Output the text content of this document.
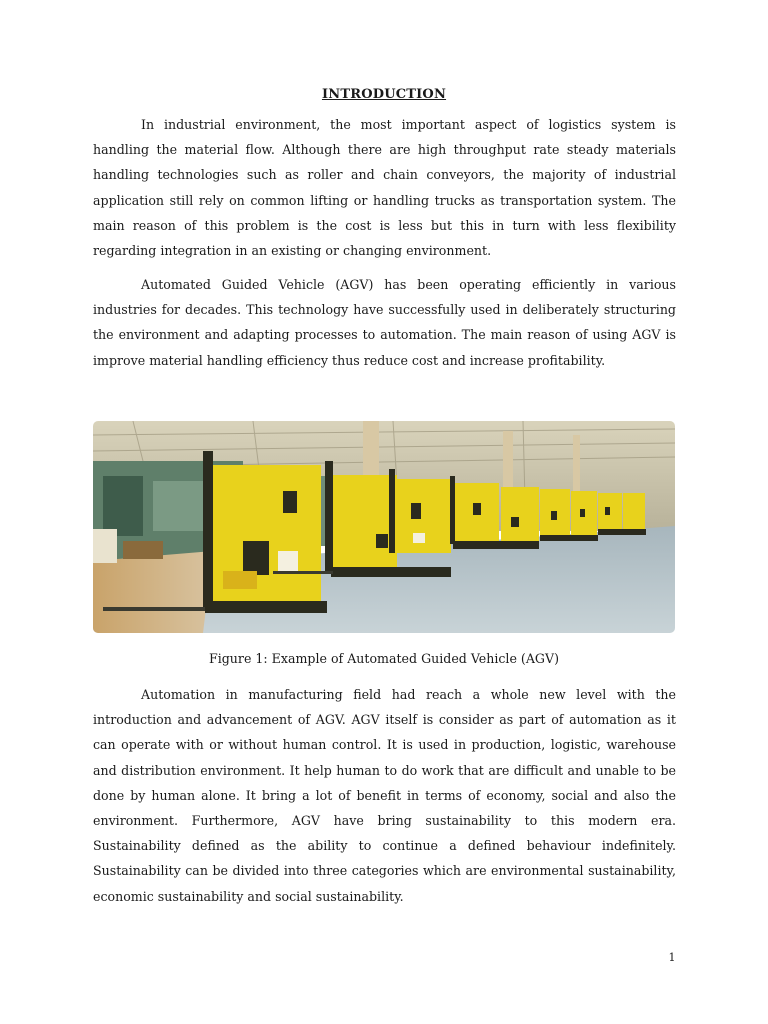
INTRODUCTION

In industrial environment, the most important aspect of logistics system is handling the material flow. Although there are high throughput rate steady materials handling technologies such as roller and chain conveyors, the majority of industrial application still rely on common lifting or handling trucks as transportation system. The main reason of this problem is the cost is less but this in turn with less flexibility regarding integration in an existing or changing environment.

Automated Guided Vehicle (AGV) has been operating efficiently in various industries for decades. This technology have successfully used in deliberately structuring the environment and adapting processes to automation. The main reason of using AGV is improve material handling efficiency thus reduce cost and increase profitability.

Figure 1: Example of Automated Guided Vehicle (AGV)

Automation in manufacturing field had reach a whole new level with the introduction and advancement of AGV. AGV itself is consider as part of automation as it can operate with or without human control. It is used in production, logistic, warehouse and distribution environment. It help human to do work that are difficult and unable to be done by human alone. It bring a lot of benefit in terms of economy, social and also the environment. Furthermore, AGV have bring sustainability to this modern era. Sustainability defined as the ability to continue a defined behaviour indefinitely. Sustainability can be divided into three categories which are environmental sustainability, economic sustainability and social sustainability.

1
